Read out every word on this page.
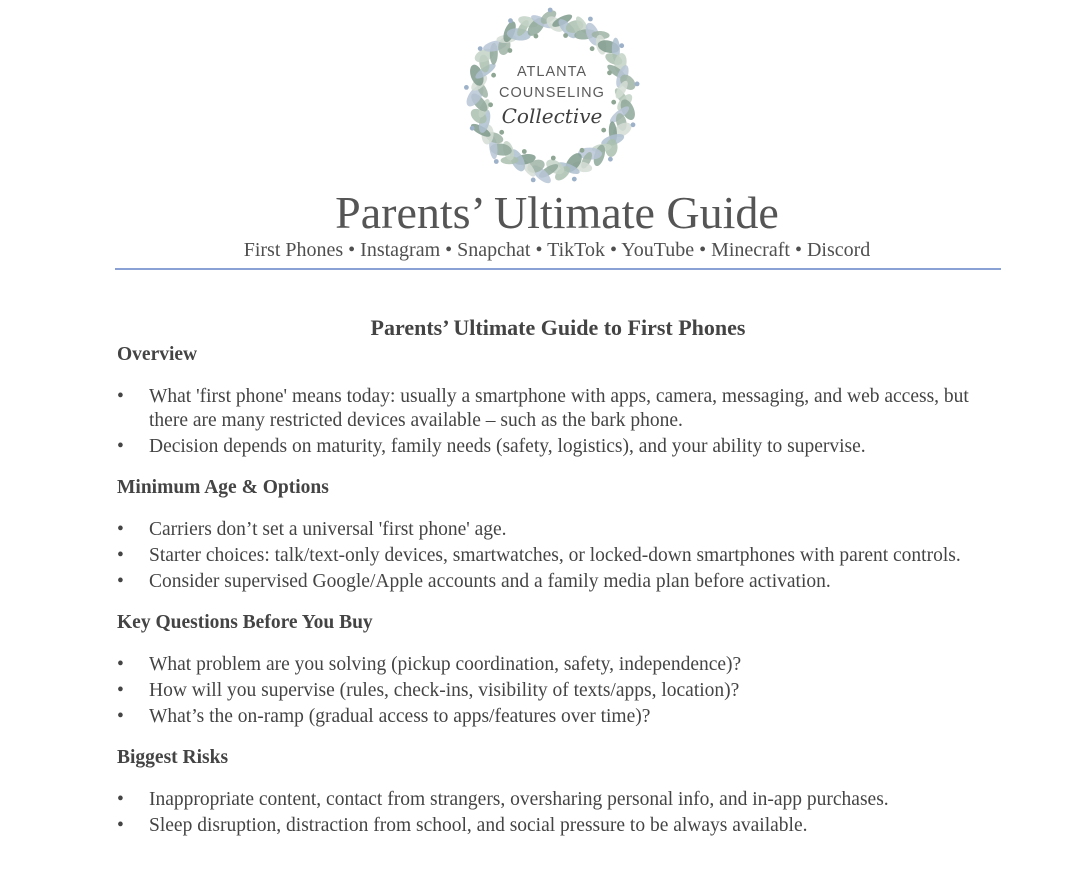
ATLANTA
COUNSELING
Collective
Parents’ Ultimate Guide
First Phones • Instagram • Snapchat • TikTok • YouTube • Minecraft • Discord
Parents’ Ultimate Guide to First Phones
Overview
• What 'first phone' means today: usually a smartphone with apps, camera, messaging, and web access, but there are many restricted devices available – such as the bark phone.
• Decision depends on maturity, family needs (safety, logistics), and your ability to supervise.
Minimum Age & Options
• Carriers don’t set a universal 'first phone' age.
• Starter choices: talk/text-only devices, smartwatches, or locked-down smartphones with parent controls.
• Consider supervised Google/Apple accounts and a family media plan before activation.
Key Questions Before You Buy
• What problem are you solving (pickup coordination, safety, independence)?
• How will you supervise (rules, check-ins, visibility of texts/apps, location)?
• What’s the on-ramp (gradual access to apps/features over time)?
Biggest Risks
• Inappropriate content, contact from strangers, oversharing personal info, and in-app purchases.
• Sleep disruption, distraction from school, and social pressure to be always available.
